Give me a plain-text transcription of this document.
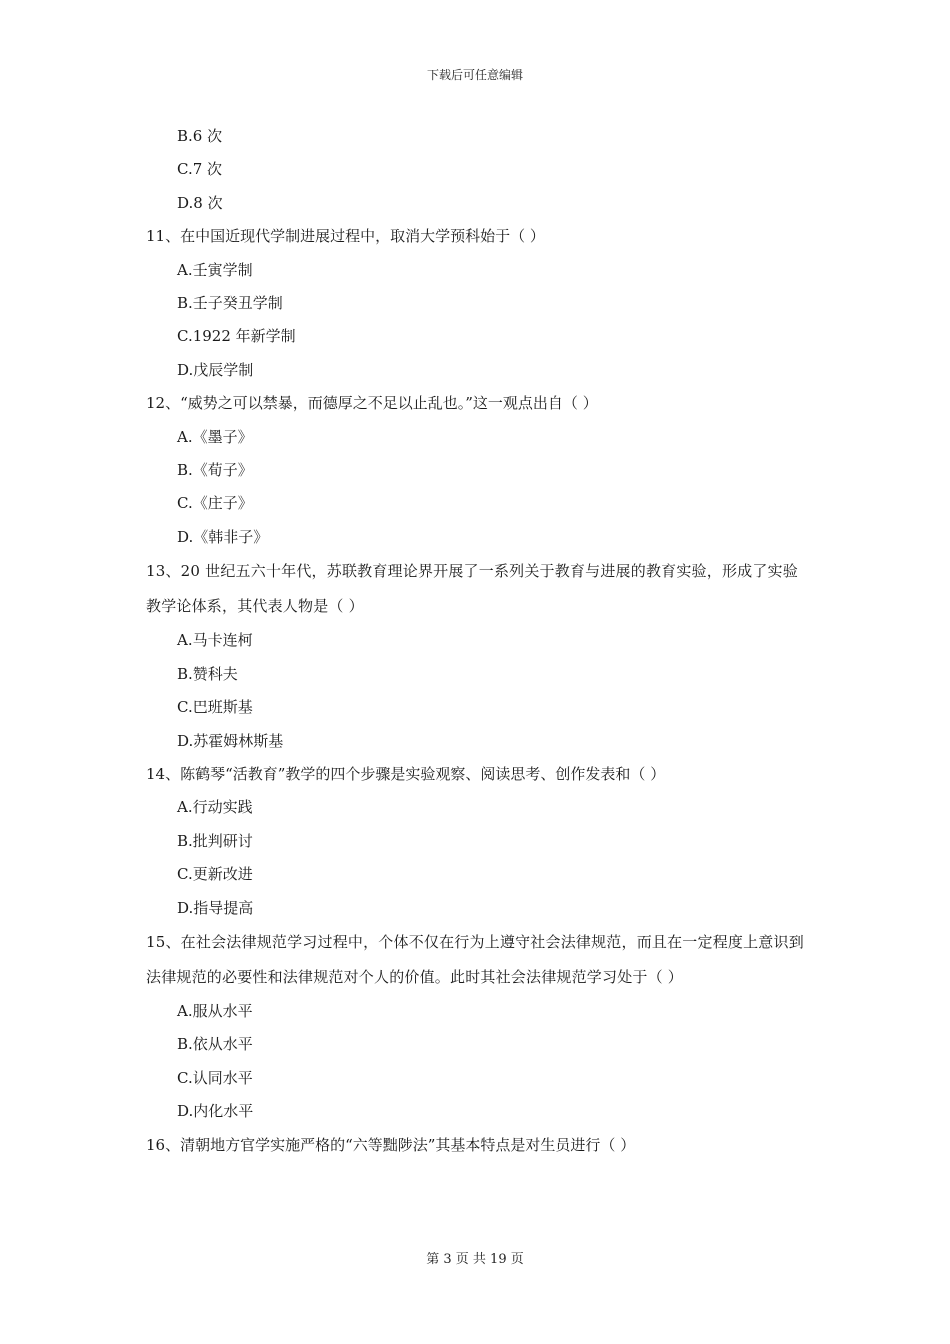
下载后可任意编辑
B.6 次
C.7 次
D.8 次
11、在中国近现代学制进展过程中，取消大学预科始于（ ）
A.壬寅学制
B.壬子癸丑学制
C.1922 年新学制
D.戊辰学制
12、“威势之可以禁暴，而德厚之不足以止乱也。”这一观点出自（ ）
A.《墨子》
B.《荀子》
C.《庄子》
D.《韩非子》
13、20 世纪五六十年代，苏联教育理论界开展了一系列关于教育与进展的教育实验，形成了实验教学论体系，其代表人物是（ ）
A.马卡连柯
B.赞科夫
C.巴班斯基
D.苏霍姆林斯基
14、陈鹤琴“活教育”教学的四个步骤是实验观察、阅读思考、创作发表和（ ）
A.行动实践
B.批判研讨
C.更新改进
D.指导提高
15、在社会法律规范学习过程中，个体不仅在行为上遵守社会法律规范，而且在一定程度上意识到法律规范的必要性和法律规范对个人的价值。此时其社会法律规范学习处于（ ）
A.服从水平
B.依从水平
C.认同水平
D.内化水平
16、清朝地方官学实施严格的“六等黜陟法”其基本特点是对生员进行（ ）
第 3 页 共 19 页
